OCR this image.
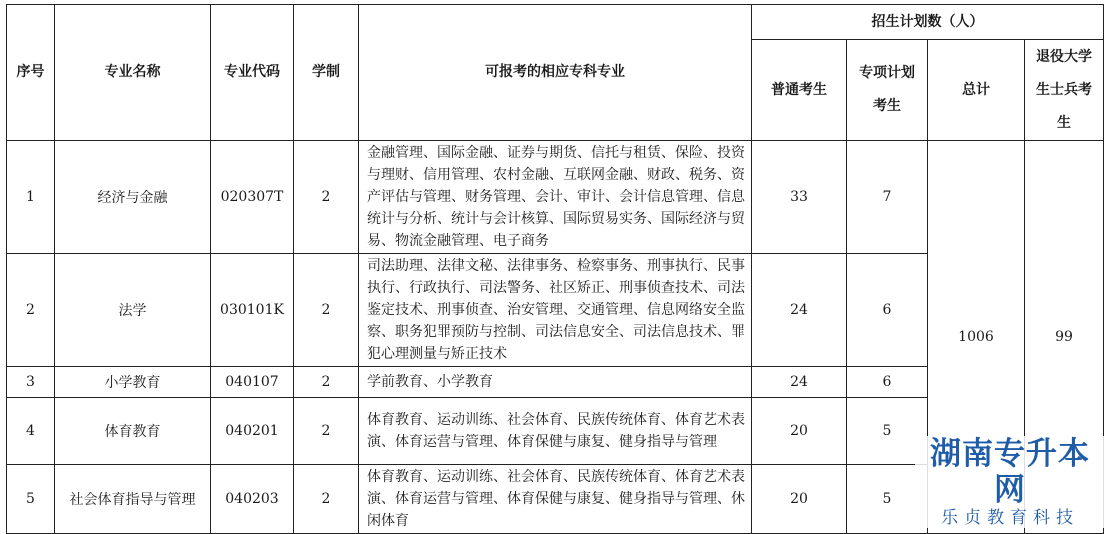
序号	专业名称	专业代码	学制	可报考的相应专科专业	招生计划数（人）			
					普通考生	专项计划考生	总计	退役大学生士兵考生
1	经济与金融	020307T	2	金融管理、国际金融、证券与期货、信托与租赁、保险、投资与理财、信用管理、农村金融、互联网金融、财政、税务、资产评估与管理、财务管理、会计、审计、会计信息管理、信息统计与分析、统计与会计核算、国际贸易实务、国际经济与贸易、物流金融管理、电子商务	33	7	1006	99
2	法学	030101K	2	司法助理、法律文秘、法律事务、检察事务、刑事执行、民事执行、行政执行、司法警务、社区矫正、刑事侦查技术、司法鉴定技术、刑事侦查、治安管理、交通管理、信息网络安全监察、职务犯罪预防与控制、司法信息安全、司法信息技术、罪犯心理测量与矫正技术	24	6		
3	小学教育	040107	2	学前教育、小学教育	24	6		
4	体育教育	040201	2	体育教育、运动训练、社会体育、民族传统体育、体育艺术表演、体育运营与管理、体育保健与康复、健身指导与管理	20	5		
5	社会体育指导与管理	040203	2	体育教育、运动训练、社会体育、民族传统体育、体育艺术表演、体育运营与管理、体育保健与康复、健身指导与管理、休闲体育	20	5		
湖南专升本网
乐贞教育科技
